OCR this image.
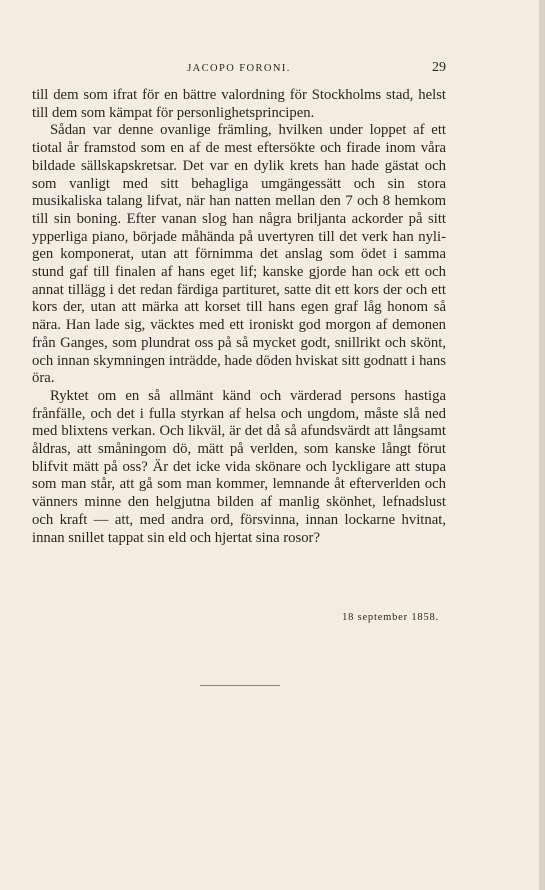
JACOPO FORONI.	29

till dem som ifrat för en bättre valordning för Stockholms stad, helst till dem som kämpat för personlighetsprincipen.

Sådan var denne ovanlige främling, hvilken under loppet af ett tiotal år framstod som en af de mest eftersökte och firade inom våra bildade sällskapskretsar. Det var en dylik krets han hade gästat och som vanligt med sitt behagliga umgängessätt och sin stora musikaliska talang lifvat, när han natten mellan den 7 och 8 hemkom till sin boning. Efter vanan slog han några briljanta ackorder på sitt ypperliga piano, började måhända på uvertyren till det verk han nyligen komponerat, utan att förnimma det anslag som ödet i samma stund gaf till finalen af hans eget lif; kanske gjorde han ock ett och annat tillägg i det redan färdiga partituret, satte dit ett kors der och ett kors der, utan att märka att korset till hans egen graf låg honom så nära. Han lade sig, väcktes med ett ironiskt god morgon af demonen från Ganges, som plundrat oss på så mycket godt, snillrikt och skönt, och innan skymningen inträdde, hade döden hviskat sitt godnatt i hans öra.

Ryktet om en så allmänt känd och värderad persons hastiga frånfälle, och det i fulla styrkan af helsa och ungdom, måste slå ned med blixtens verkan. Och likväl, är det då så afundsvärdt att långsamt åldras, att småningom dö, mätt på verlden, som kanske långt förut blifvit mätt på oss? Är det icke vida skönare och lyckligare att stupa som man står, att gå som man kommer, lemnande åt efterverlden och vänners minne den helgjutna bilden af manlig skönhet, lefnadslust och kraft — att, med andra ord, försvinna, innan lockarne hvitnat, innan snillet tappat sin eld och hjertat sina rosor?

18 september 1858.
